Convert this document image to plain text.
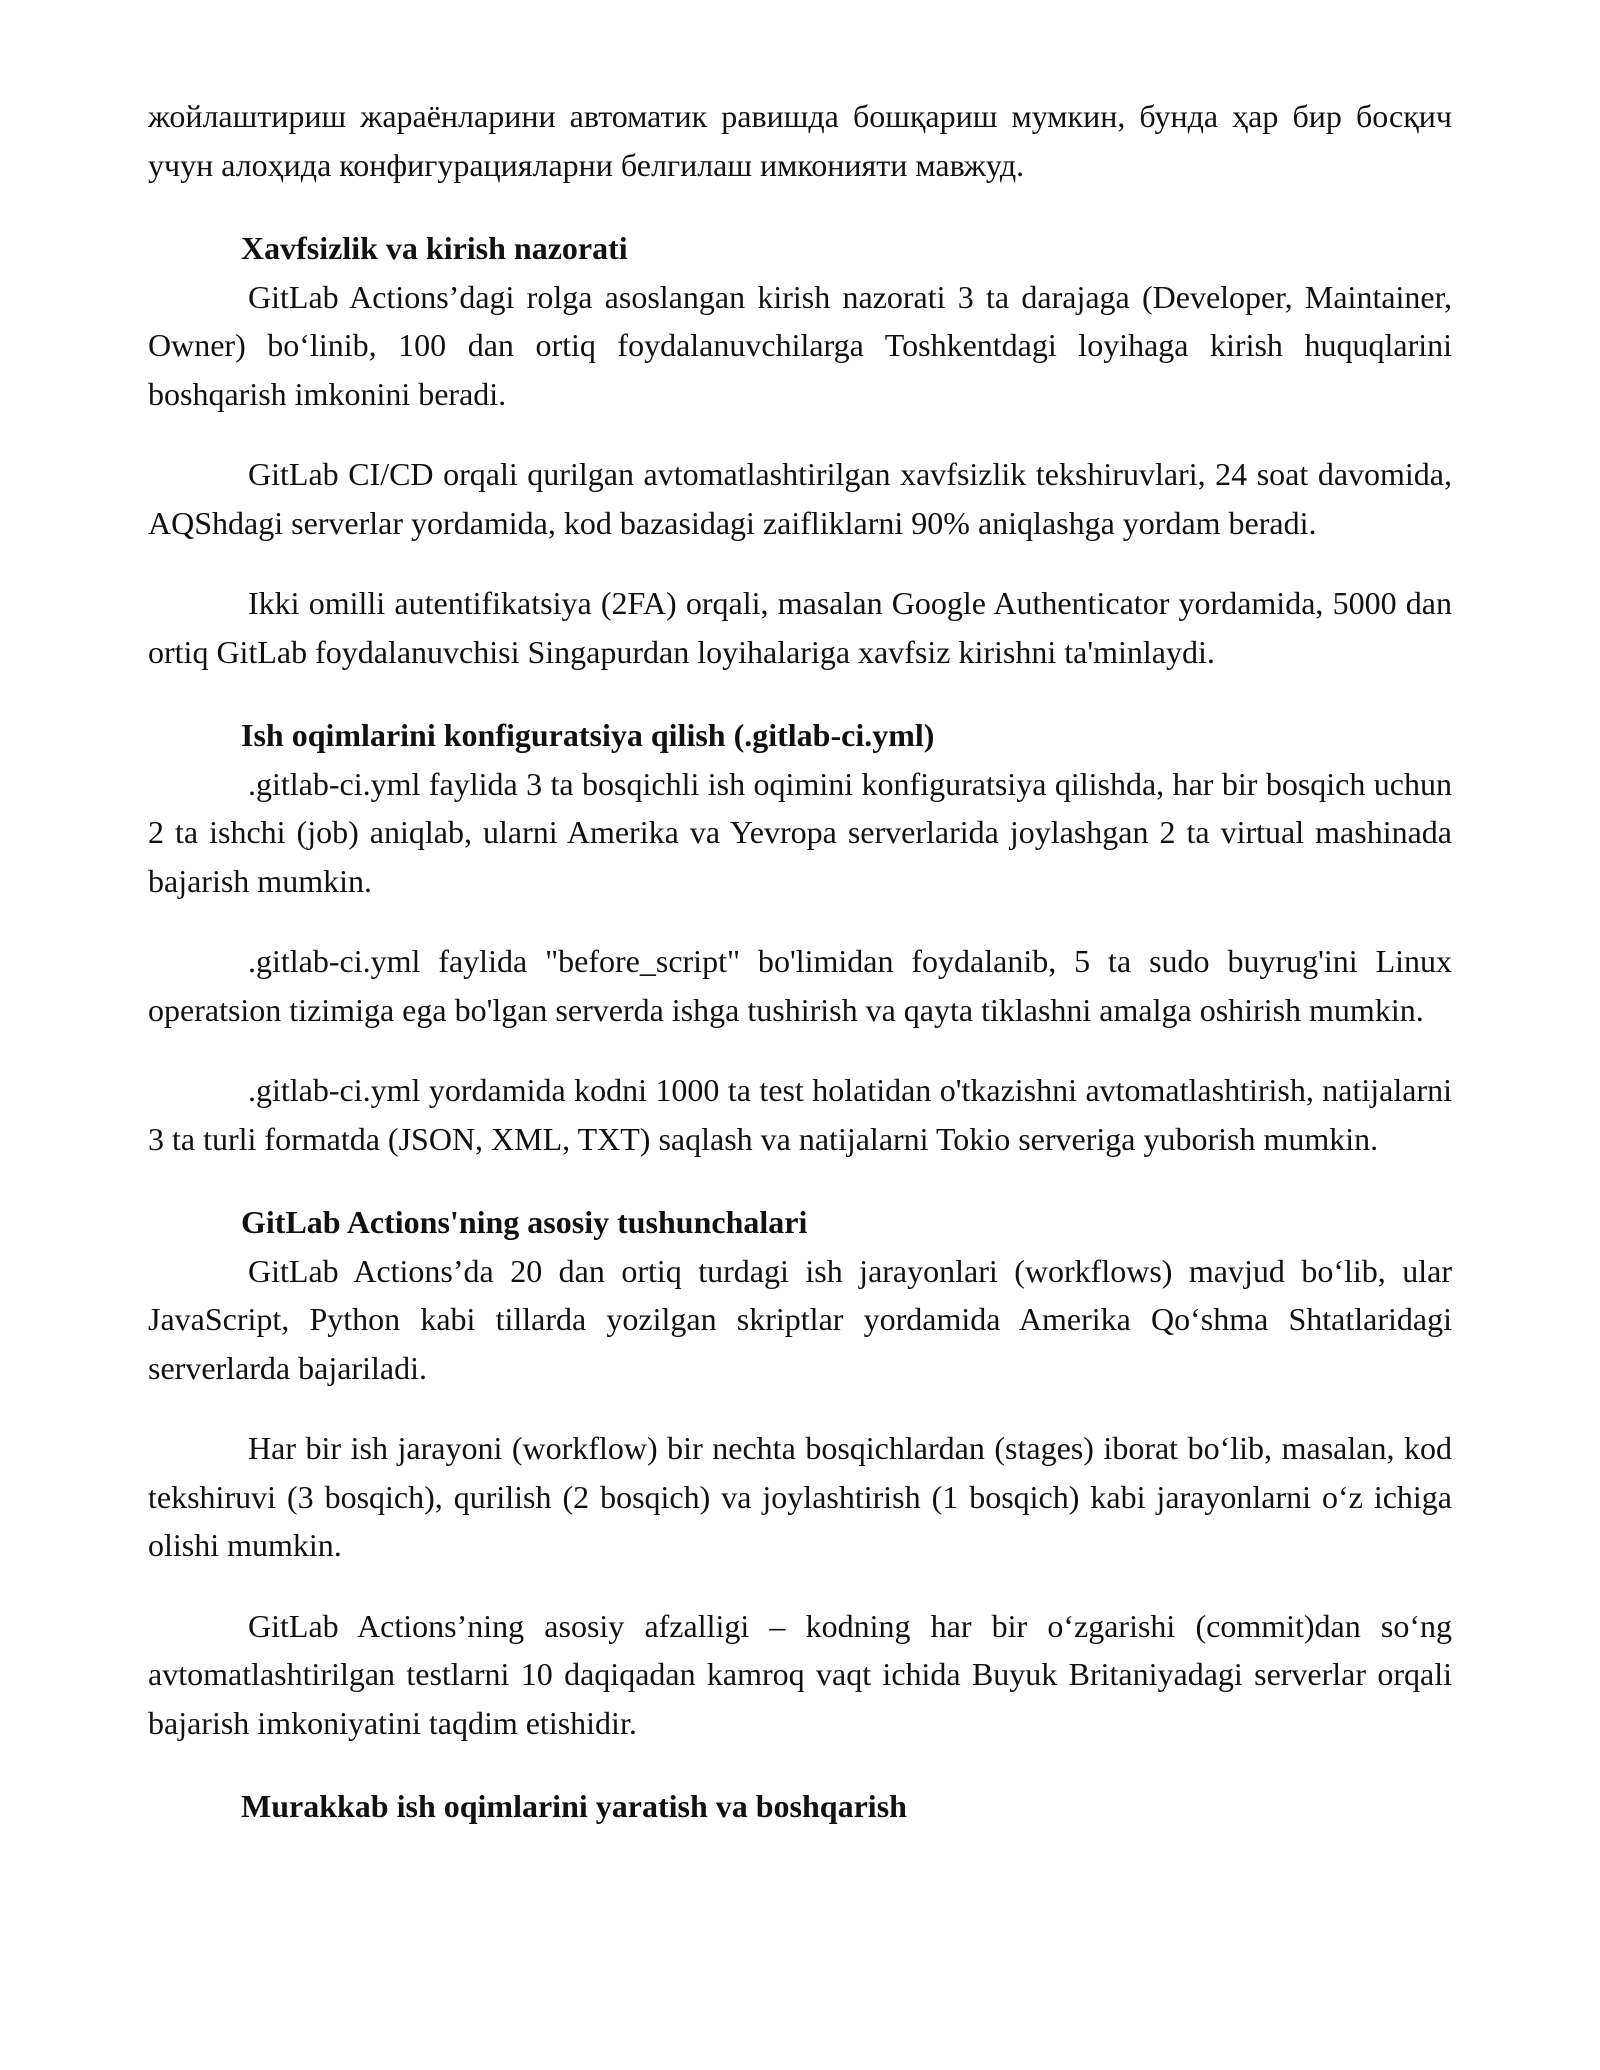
жойлаштириш жараёнларини автоматик равишда бошқариш мумкин, бунда ҳар бир босқич учун алоҳида конфигурацияларни белгилаш имконияти мавжуд.

Xavfsizlik va kirish nazorati

GitLab Actions’dagi rolga asoslangan kirish nazorati 3 ta darajaga (Developer, Maintainer, Owner) bo‘linib, 100 dan ortiq foydalanuvchilarga Toshkentdagi loyihaga kirish huquqlarini boshqarish imkonini beradi.

GitLab CI/CD orqali qurilgan avtomatlashtirilgan xavfsizlik tekshiruvlari, 24 soat davomida, AQShdagi serverlar yordamida, kod bazasidagi zaifliklarni 90% aniqlashga yordam beradi.

Ikki omilli autentifikatsiya (2FA) orqali, masalan Google Authenticator yordamida, 5000 dan ortiq GitLab foydalanuvchisi Singapurdan loyihalariga xavfsiz kirishni ta'minlaydi.

Ish oqimlarini konfiguratsiya qilish (.gitlab-ci.yml)

.gitlab-ci.yml faylida 3 ta bosqichli ish oqimini konfiguratsiya qilishda, har bir bosqich uchun 2 ta ishchi (job) aniqlab, ularni Amerika va Yevropa serverlarida joylashgan 2 ta virtual mashinada bajarish mumkin.

.gitlab-ci.yml faylida "before_script" bo'limidan foydalanib, 5 ta sudo buyrug'ini Linux operatsion tizimiga ega bo'lgan serverda ishga tushirish va qayta tiklashni amalga oshirish mumkin.

.gitlab-ci.yml yordamida kodni 1000 ta test holatidan o'tkazishni avtomatlashtirish, natijalarni 3 ta turli formatda (JSON, XML, TXT) saqlash va natijalarni Tokio serveriga yuborish mumkin.

GitLab Actions'ning asosiy tushunchalari

GitLab Actions’da 20 dan ortiq turdagi ish jarayonlari (workflows) mavjud bo‘lib, ular JavaScript, Python kabi tillarda yozilgan skriptlar yordamida Amerika Qo‘shma Shtatlaridagi serverlarda bajariladi.

Har bir ish jarayoni (workflow) bir nechta bosqichlardan (stages) iborat bo‘lib, masalan, kod tekshiruvi (3 bosqich), qurilish (2 bosqich) va joylashtirish (1 bosqich) kabi jarayonlarni o‘z ichiga olishi mumkin.

GitLab Actions’ning asosiy afzalligi – kodning har bir o‘zgarishi (commit)dan so‘ng avtomatlashtirilgan testlarni 10 daqiqadan kamroq vaqt ichida Buyuk Britaniyadagi serverlar orqali bajarish imkoniyatini taqdim etishidir.

Murakkab ish oqimlarini yaratish va boshqarish
